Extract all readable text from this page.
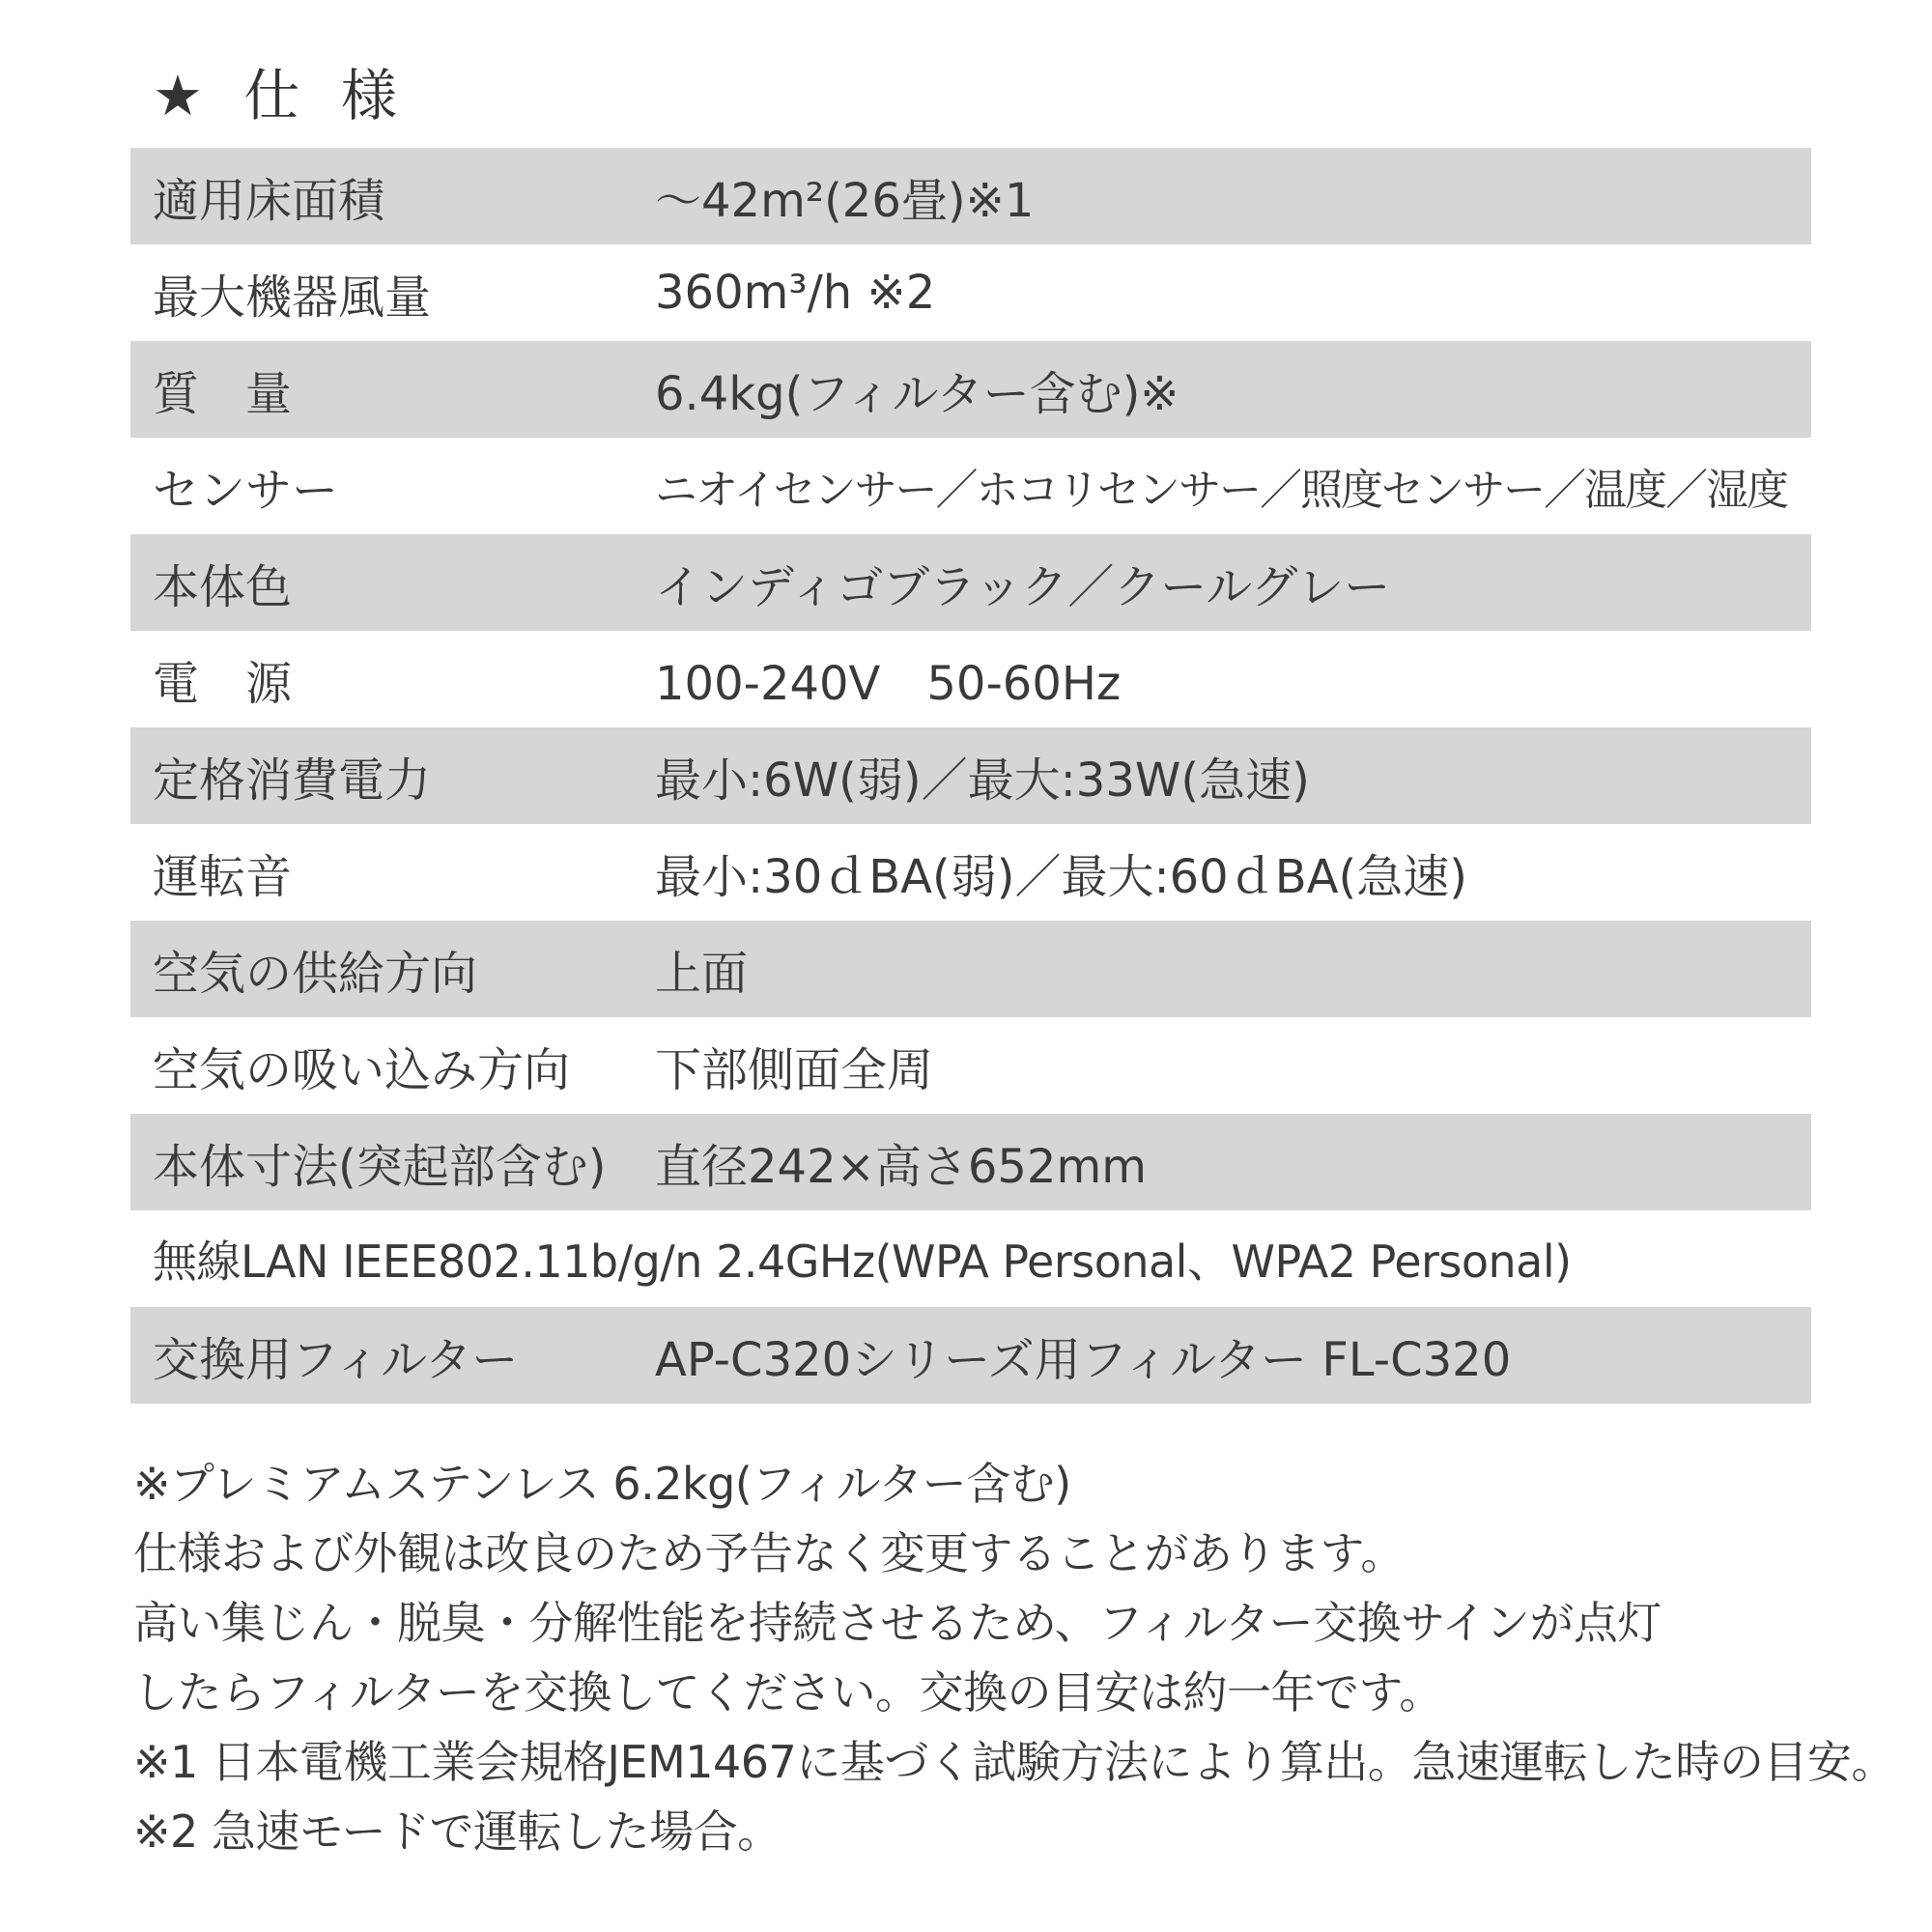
★ 仕 様
適用床面積	～42m²(26畳)※1
最大機器風量	360m³/h ※2
質　量	6.4kg(フィルター含む)※
センサー	ニオイセンサー／ホコリセンサー／照度センサー／温度／湿度
本体色	インディゴブラック／クールグレー
電　源	100-240V　50-60Hz
定格消費電力	最小:6W(弱)／最大:33W(急速)
運転音	最小:30ｄBA(弱)／最大:60ｄBA(急速)
空気の供給方向	上面
空気の吸い込み方向	下部側面全周
本体寸法(突起部含む)	直径242×高さ652mm
無線LAN IEEE802.11b/g/n 2.4GHz(WPA Personal、WPA2 Personal)
交換用フィルター	AP-C320シリーズ用フィルター FL-C320
※プレミアムステンレス 6.2kg(フィルター含む)
仕様および外観は改良のため予告なく変更することがあります。
高い集じん・脱臭・分解性能を持続させるため、フィルター交換サインが点灯
したらフィルターを交換してください。交換の目安は約一年です。
※1 日本電機工業会規格JEM1467に基づく試験方法により算出。急速運転した時の目安。
※2 急速モードで運転した場合。
